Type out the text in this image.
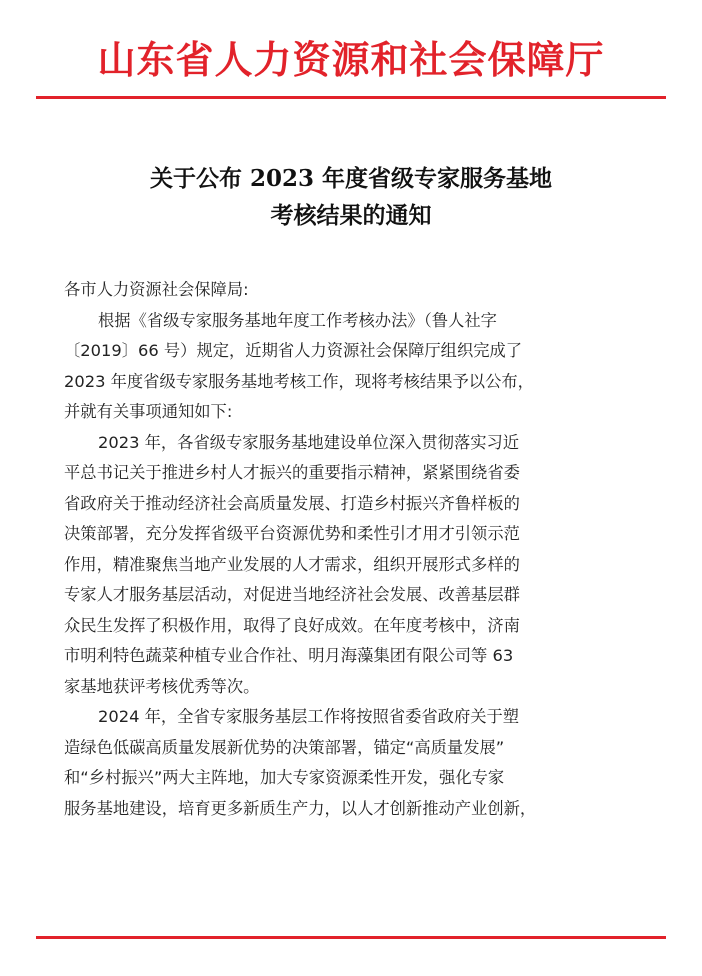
山东省人力资源和社会保障厅
关于公布 2023 年度省级专家服务基地
考核结果的通知
各市人力资源社会保障局:
根据《省级专家服务基地年度工作考核办法》（鲁人社字
〔2019〕66 号）规定，近期省人力资源社会保障厅组织完成了
2023 年度省级专家服务基地考核工作，现将考核结果予以公布，
并就有关事项通知如下:
2023 年，各省级专家服务基地建设单位深入贯彻落实习近
平总书记关于推进乡村人才振兴的重要指示精神，紧紧围绕省委
省政府关于推动经济社会高质量发展、打造乡村振兴齐鲁样板的
决策部署，充分发挥省级平台资源优势和柔性引才用才引领示范
作用，精准聚焦当地产业发展的人才需求，组织开展形式多样的
专家人才服务基层活动，对促进当地经济社会发展、改善基层群
众民生发挥了积极作用，取得了良好成效。在年度考核中，济南
市明利特色蔬菜种植专业合作社、明月海藻集团有限公司等 63
家基地获评考核优秀等次。
2024 年，全省专家服务基层工作将按照省委省政府关于塑
造绿色低碳高质量发展新优势的决策部署，锚定“高质量发展”
和“乡村振兴”两大主阵地，加大专家资源柔性开发，强化专家
服务基地建设，培育更多新质生产力，以人才创新推动产业创新，
